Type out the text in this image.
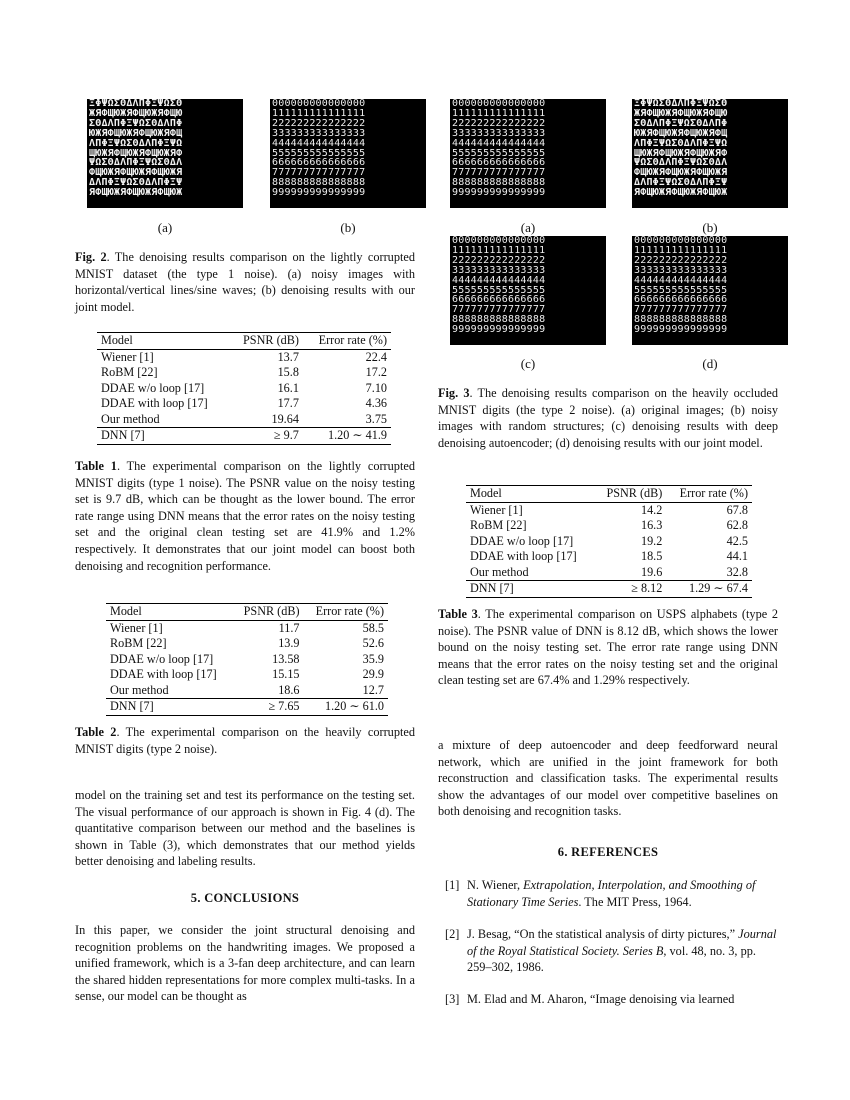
ΞΦΨΩΣΘΔΛΠΦΞΨΩΣΘ
ЖЯФЩЮЖЯФЩЮЖЯФЩЮ
ΣΘΔΛΠΦΞΨΩΣΘΔΛΠΦ
ЮЖЯФЩЮЖЯФЩЮЖЯФЩ
ΛΠΦΞΨΩΣΘΔΛΠΦΞΨΩ
ЩЮЖЯФЩЮЖЯФЩЮЖЯФ
ΨΩΣΘΔΛΠΦΞΨΩΣΘΔΛ
ФЩЮЖЯФЩЮЖЯФЩЮЖЯ
ΔΛΠΦΞΨΩΣΘΔΛΠΦΞΨ
ЯФЩЮЖЯФЩЮЖЯФЩЮЖ
000000000000000
111111111111111
222222222222222
333333333333333
444444444444444
555555555555555
666666666666666
777777777777777
888888888888888
999999999999999
(a)	(b)
Fig. 2. The denoising results comparison on the lightly corrupted MNIST dataset (the type 1 noise). (a) noisy images with horizontal/vertical lines/sine waves; (b) denoising results with our joint model.
Model	PSNR (dB)	Error rate (%)
Wiener [1]	13.7	22.4
RoBM [22]	15.8	17.2
DDAE w/o loop [17]	16.1	7.10
DDAE with loop [17]	17.7	4.36
Our method	19.64	3.75
DNN [7]	≥ 9.7	1.20 ∼ 41.9
Table 1. The experimental comparison on the lightly corrupted MNIST digits (type 1 noise). The PSNR value on the noisy testing set is 9.7 dB, which can be thought as the lower bound. The error rate range using DNN means that the error rates on the noisy testing set and the original clean testing set are 41.9% and 1.2% respectively. It demonstrates that our joint model can boost both denoising and recognition performance.
Model	PSNR (dB)	Error rate (%)
Wiener [1]	11.7	58.5
RoBM [22]	13.9	52.6
DDAE w/o loop [17]	13.58	35.9
DDAE with loop [17]	15.15	29.9
Our method	18.6	12.7
DNN [7]	≥ 7.65	1.20 ∼ 61.0
Table 2. The experimental comparison on the heavily corrupted MNIST digits (type 2 noise).
model on the training set and test its performance on the testing set. The visual performance of our approach is shown in Fig. 4 (d). The quantitative comparison between our method and the baselines is shown in Table (3), which demonstrates that our method yields better denoising and labeling results.
5. CONCLUSIONS
In this paper, we consider the joint structural denoising and recognition problems on the handwriting images. We proposed a unified framework, which is a 3-fan deep architecture, and can learn the shared hidden representations for more complex multi-tasks. In a sense, our model can be thought as
000000000000000
111111111111111
222222222222222
333333333333333
444444444444444
555555555555555
666666666666666
777777777777777
888888888888888
999999999999999
ΞΦΨΩΣΘΔΛΠΦΞΨΩΣΘ
ЖЯФЩЮЖЯФЩЮЖЯФЩЮ
ΣΘΔΛΠΦΞΨΩΣΘΔΛΠΦ
ЮЖЯФЩЮЖЯФЩЮЖЯФЩ
ΛΠΦΞΨΩΣΘΔΛΠΦΞΨΩ
ЩЮЖЯФЩЮЖЯФЩЮЖЯФ
ΨΩΣΘΔΛΠΦΞΨΩΣΘΔΛ
ФЩЮЖЯФЩЮЖЯФЩЮЖЯ
ΔΛΠΦΞΨΩΣΘΔΛΠΦΞΨ
ЯФЩЮЖЯФЩЮЖЯФЩЮЖ
(a)	(b)
000000000000000
111111111111111
222222222222222
333333333333333
444444444444444
555555555555555
666666666666666
777777777777777
888888888888888
999999999999999
000000000000000
111111111111111
222222222222222
333333333333333
444444444444444
555555555555555
666666666666666
777777777777777
888888888888888
999999999999999
(c)	(d)
Fig. 3. The denoising results comparison on the heavily occluded MNIST digits (the type 2 noise). (a) original images; (b) noisy images with random structures; (c) denoising results with deep denoising autoencoder; (d) denoising results with our joint model.
Model	PSNR (dB)	Error rate (%)
Wiener [1]	14.2	67.8
RoBM [22]	16.3	62.8
DDAE w/o loop [17]	19.2	42.5
DDAE with loop [17]	18.5	44.1
Our method	19.6	32.8
DNN [7]	≥ 8.12	1.29 ∼ 67.4
Table 3. The experimental comparison on USPS alphabets (type 2 noise). The PSNR value of DNN is 8.12 dB, which shows the lower bound on the noisy testing set. The error rate range using DNN means that the error rates on the noisy testing set and the original clean testing set are 67.4% and 1.29% respectively.
a mixture of deep autoencoder and deep feedforward neural network, which are unified in the joint framework for both reconstruction and classification tasks. The experimental results show the advantages of our model over competitive baselines on both denoising and recognition tasks.
6. REFERENCES
[1] N. Wiener, Extrapolation, Interpolation, and Smoothing of Stationary Time Series. The MIT Press, 1964.
[2] J. Besag, “On the statistical analysis of dirty pictures,” Journal of the Royal Statistical Society. Series B, vol. 48, no. 3, pp. 259–302, 1986.
[3] M. Elad and M. Aharon, “Image denoising via learned
